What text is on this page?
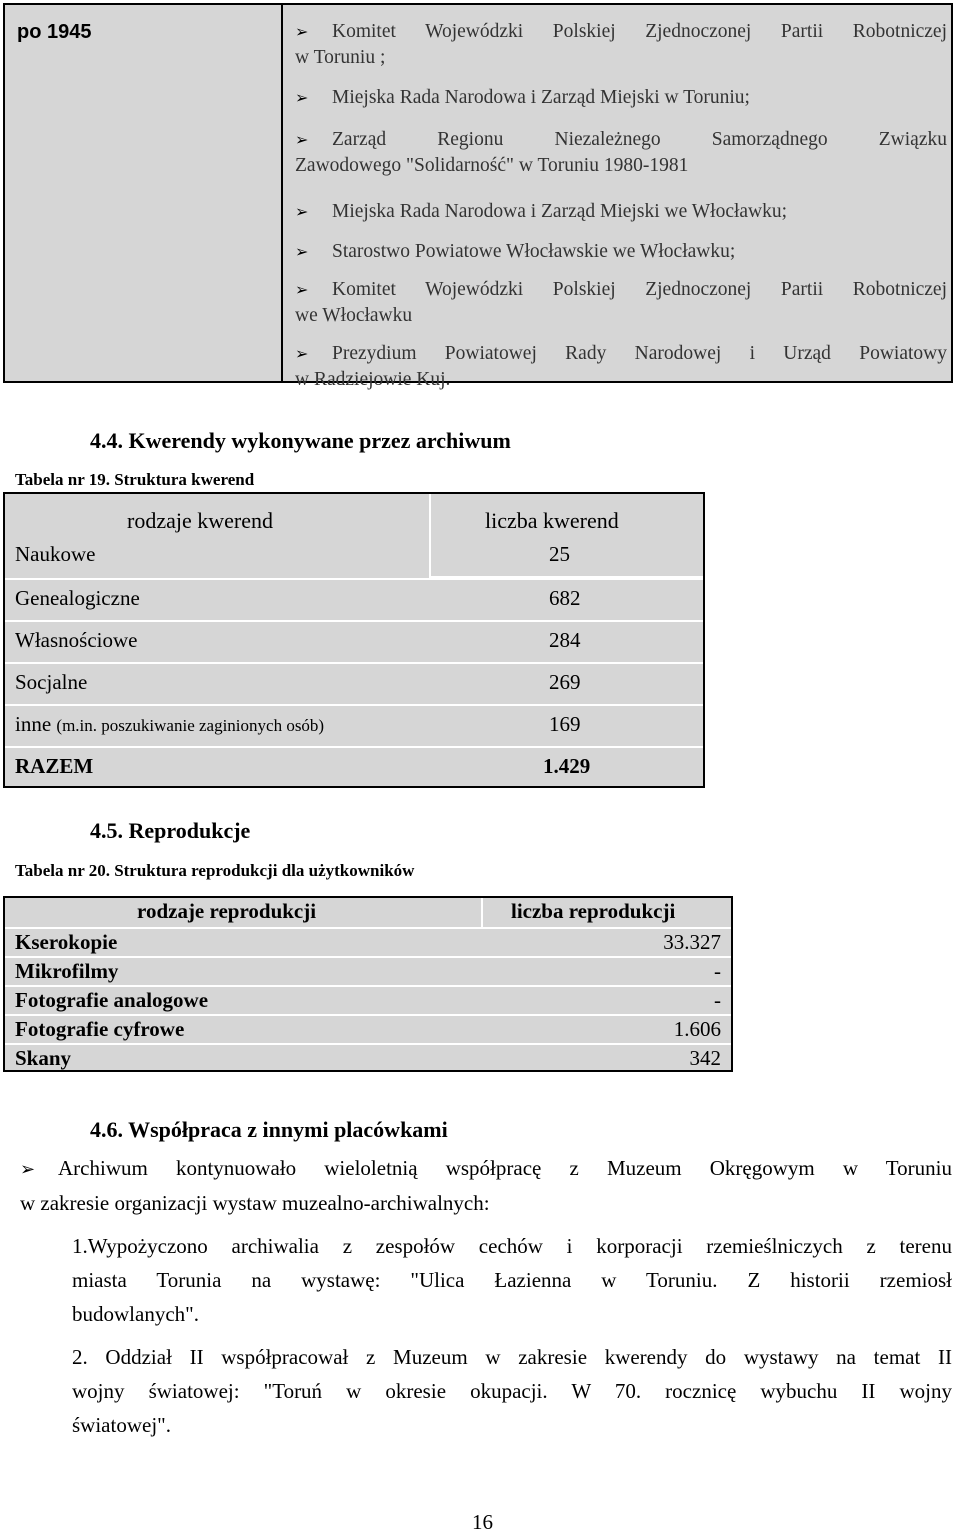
po 1945	➢ Komitet Wojewódzki Polskiej Zjednoczonej Partii Robotniczej
w Toruniu ;
➢ Miejska Rada Narodowa i Zarząd Miejski w Toruniu;
➢ Zarząd Regionu Niezależnego Samorządnego Związku
Zawodowego "Solidarność" w Toruniu 1980-1981
➢ Miejska Rada Narodowa i Zarząd Miejski we Włocławku;
➢ Starostwo Powiatowe Włocławskie we Włocławku;
➢ Komitet Wojewódzki Polskiej Zjednoczonej Partii Robotniczej
we Włocławku
➢ Prezydium Powiatowej Rady Narodowej i Urząd Powiatowy
w Radziejowie Kuj.
4.4. Kwerendy wykonywane przez archiwum
Tabela nr 19. Struktura kwerend
rodzaje kwerend	liczba kwerend
Naukowe	25
Genealogiczne	682
Własnościowe	284
Socjalne	269
inne (m.in. poszukiwanie zaginionych osób)	169
RAZEM	1.429
4.5. Reprodukcje
Tabela nr 20. Struktura reprodukcji dla użytkowników
rodzaje reprodukcji	liczba reprodukcji
Kserokopie	33.327
Mikrofilmy	-
Fotografie analogowe	-
Fotografie cyfrowe	1.606
Skany	342
4.6. Współpraca z innymi placówkami
➢ Archiwum kontynuowało wieloletnią współpracę z Muzeum Okręgowym w Toruniu
w zakresie organizacji wystaw muzealno-archiwalnych:
1.Wypożyczono archiwalia z zespołów cechów i korporacji rzemieślniczych z terenu
miasta Torunia na wystawę: "Ulica Łazienna w Toruniu. Z historii rzemiosł
budowlanych".
2. Oddział II współpracował z Muzeum w zakresie kwerendy do wystawy na temat II
wojny światowej: "Toruń w okresie okupacji. W 70. rocznicę wybuchu II wojny
światowej".
16
